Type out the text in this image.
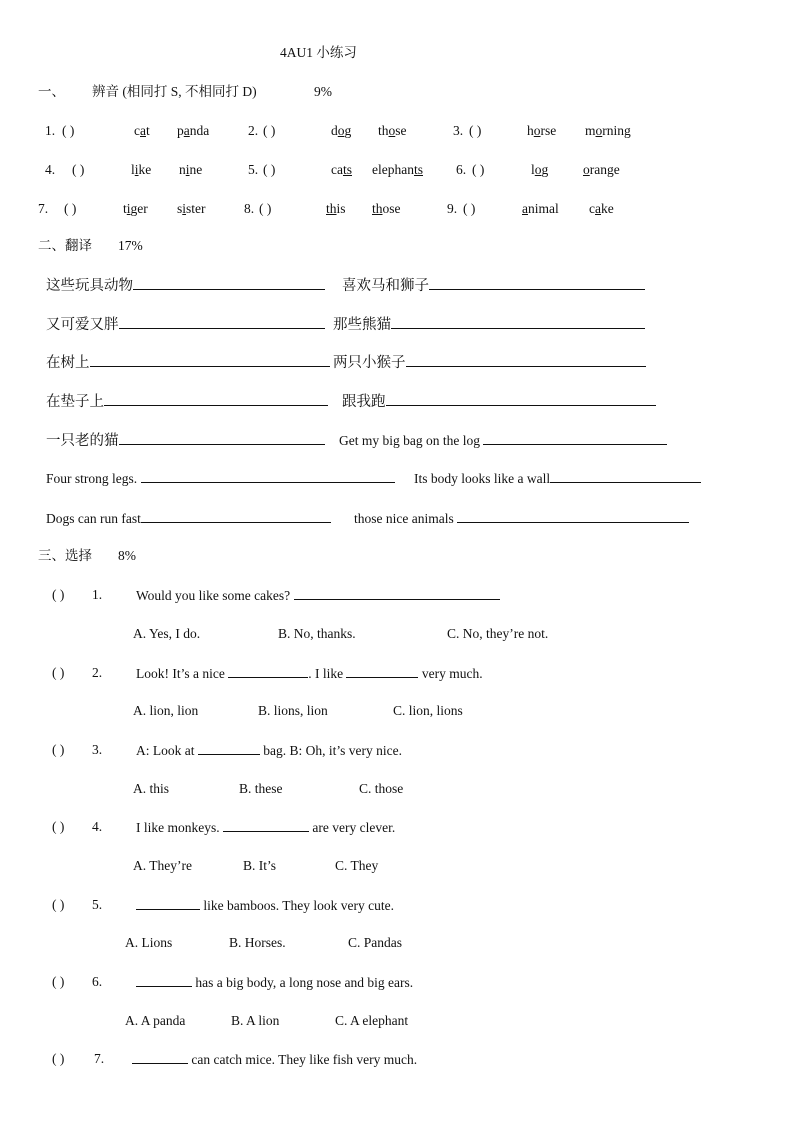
4AU1 小练习
一、 辨音 (相同打 S, 不相同打 D)	9%
1. ( )	cat panda	2. ( )	dog those	3. ( )	horse morning
4. ( )	like nine	5. ( )	cats elephants 6. ( )	log	orange
7. ( )	tiger sister	8. ( )	this those	9. ( )	animal cake
二、翻译 17%
这些玩具动物	喜欢马和狮子
又可爱又胖	那些熊猫
在树上	两只小猴子
在垫子上	跟我跑
一只老的猫	Get my big bag on the log
Four strong legs.	Its body looks like a wall
Dogs can run fast	those nice animals
三、选择 8%
( ) 1.	Would you like some cakes?
A. Yes, I do.	B. No, thanks.	C. No, they’re not.
( ) 2.	Look! It’s a nice	. I like	very much.
A. lion, lion	B. lions, lion	C. lion, lions
( ) 3.	A: Look at	bag. B: Oh, it’s very nice.
A. this	B. these	C. those
( ) 4.	I like monkeys.	are very clever.
A. They’re	B. It’s	C. They
( ) 5.	like bamboos. They look very cute.
A. Lions	B. Horses.	C. Pandas
( ) 6.	has a big body, a long nose and big ears.
A. A panda	B. A lion	C. A elephant
( ) 7.	can catch mice. They like fish very much.
